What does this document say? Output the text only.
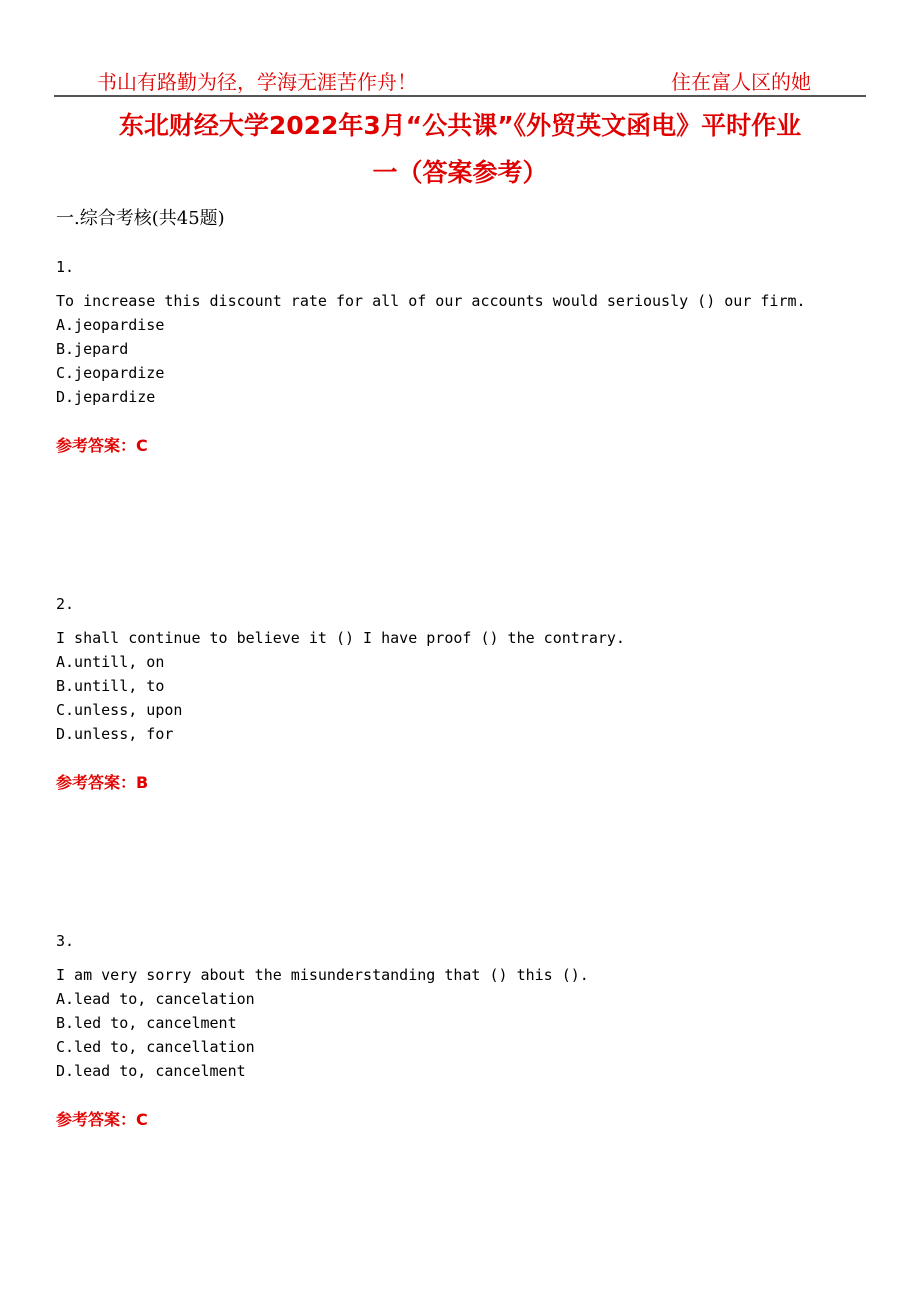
书山有路勤为径，学海无涯苦作舟！	住在富人区的她
东北财经大学2022年3月“公共课”《外贸英文函电》平时作业
一（答案参考）
一.综合考核(共45题)
1.
To increase this discount rate for all of our accounts would seriously () our firm.
A.jeopardise
B.jepard
C.jeopardize
D.jepardize
参考答案：C
2.
I shall continue to believe it () I have proof () the contrary.
A.untill, on
B.untill, to
C.unless, upon
D.unless, for
参考答案：B
3.
I am very sorry about the misunderstanding that () this ().
A.lead to, cancelation
B.led to, cancelment
C.led to, cancellation
D.lead to, cancelment
参考答案：C
